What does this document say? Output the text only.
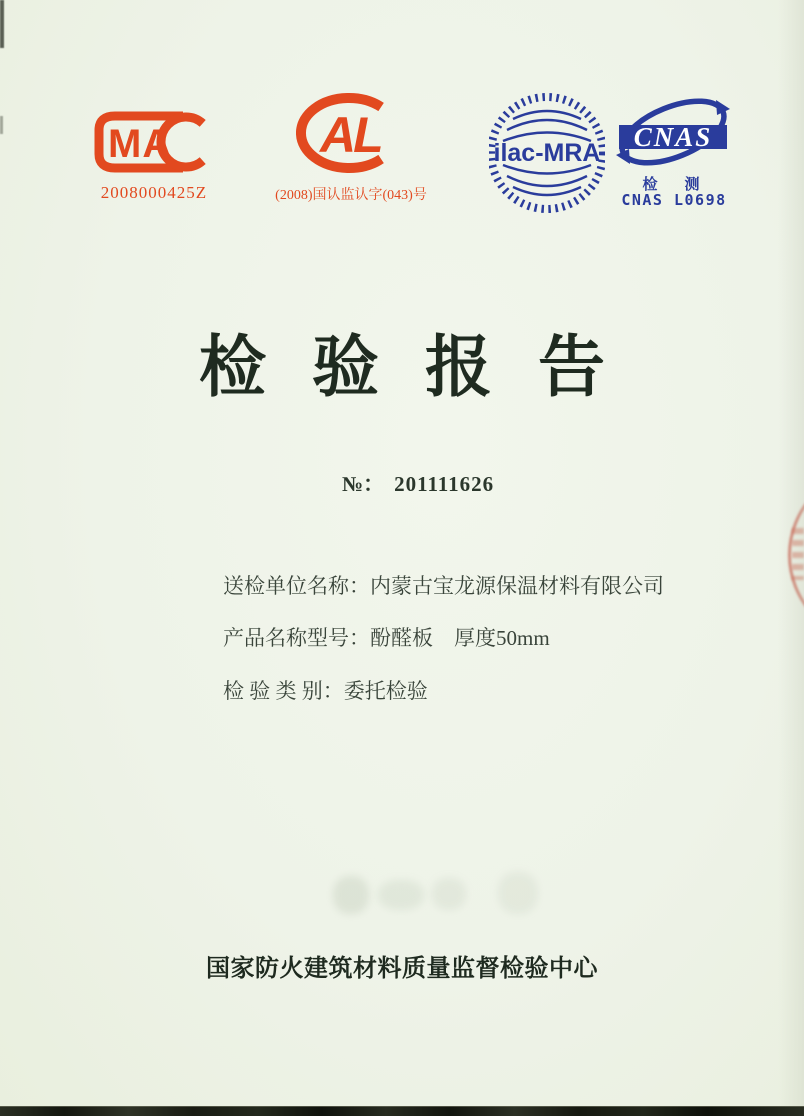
MA
2008000425Z
AL
(2008)国认监认字(043)号
ilac-MRA
CNAS
检　测
CNAS L0698
检验报告
№： 201111626

送检单位名称：内蒙古宝龙源保温材料有限公司

产品名称型号：酚醛板　厚度50mm

检 验 类 别：委托检验

国家防火建筑材料质量监督检验中心
